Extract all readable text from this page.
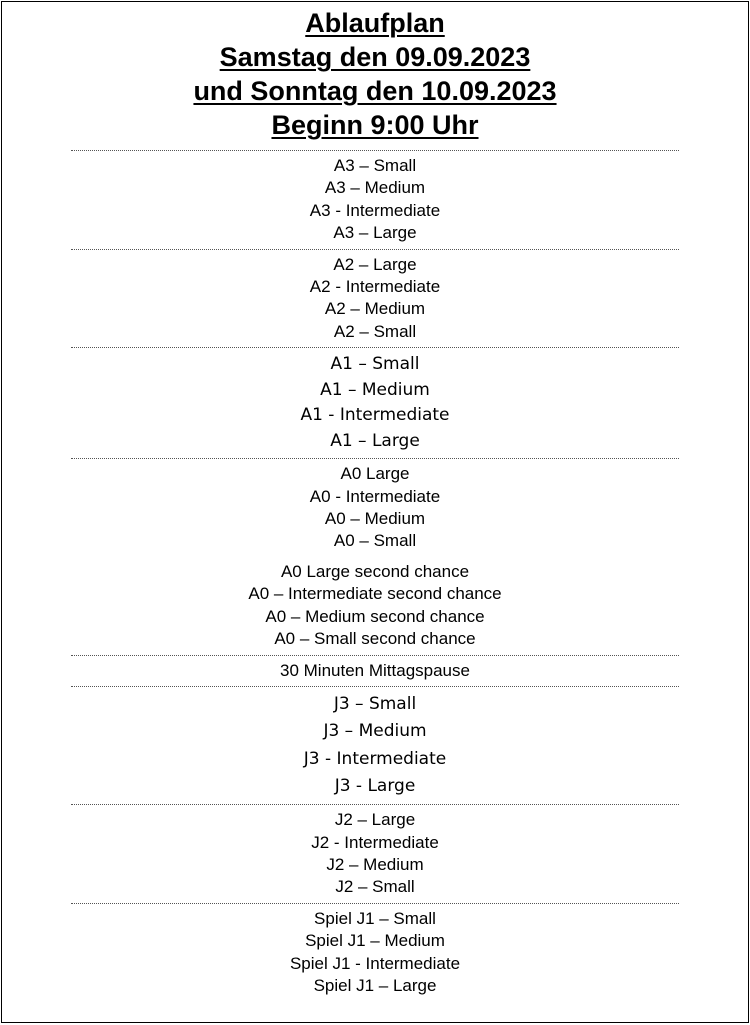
Ablaufplan
Samstag den 09.09.2023
und Sonntag den 10.09.2023
Beginn 9:00 Uhr
A3 – Small
A3 – Medium
A3 - Intermediate
A3 – Large
A2 – Large
A2 - Intermediate
A2 – Medium
A2 – Small
A1 – Small
A1 – Medium
A1 - Intermediate
A1 – Large
A0 Large
A0 - Intermediate
A0 – Medium
A0 – Small
A0 Large second chance
A0 – Intermediate second chance
A0 – Medium second chance
A0 – Small second chance
30 Minuten Mittagspause
J3 – Small
J3 – Medium
J3 - Intermediate
J3 - Large
J2 – Large
J2 - Intermediate
J2 – Medium
J2 – Small
Spiel J1 – Small
Spiel J1 – Medium
Spiel J1 - Intermediate
Spiel J1 – Large
